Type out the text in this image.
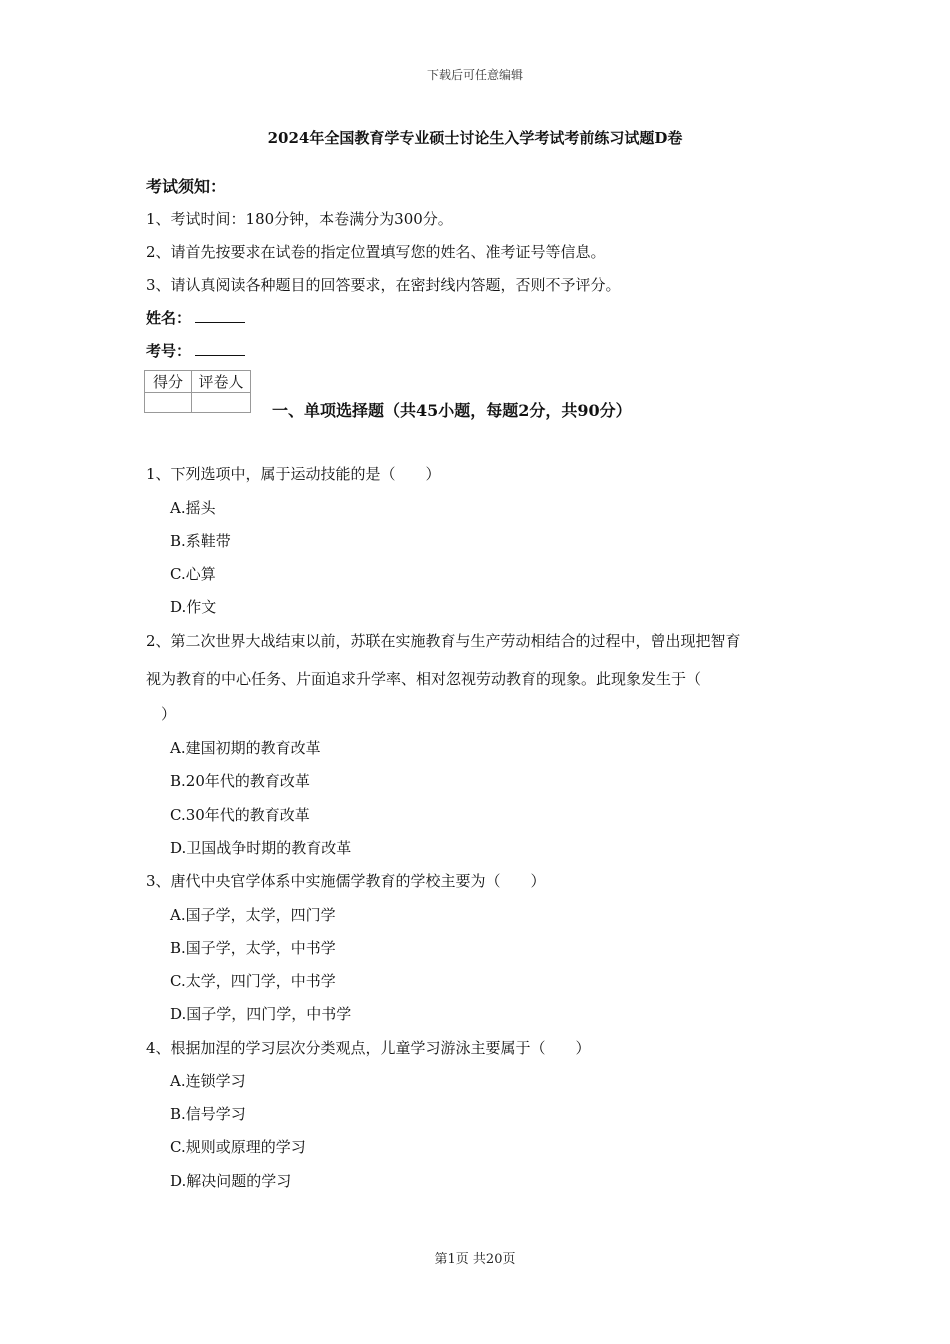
下载后可任意编辑
2024年全国教育学专业硕士讨论生入学考试考前练习试题D卷
考试须知：
1、考试时间：180分钟，本卷满分为300分。
2、请首先按要求在试卷的指定位置填写您的姓名、准考证号等信息。
3、请认真阅读各种题目的回答要求，在密封线内答题，否则不予评分。
姓名：
考号：
得分	评卷人

一、单项选择题（共45小题，每题2分，共90分）
1、下列选项中，属于运动技能的是（　　）
A.摇头
B.系鞋带
C.心算
D.作文
2、第二次世界大战结束以前，苏联在实施教育与生产劳动相结合的过程中，曾出现把智育
视为教育的中心任务、片面追求升学率、相对忽视劳动教育的现象。此现象发生于（
　）
A.建国初期的教育改革
B.20年代的教育改革
C.30年代的教育改革
D.卫国战争时期的教育改革
3、唐代中央官学体系中实施儒学教育的学校主要为（　　）
A.国子学，太学，四门学
B.国子学，太学，中书学
C.太学，四门学，中书学
D.国子学，四门学，中书学
4、根据加涅的学习层次分类观点，儿童学习游泳主要属于（　　）
A.连锁学习
B.信号学习
C.规则或原理的学习
D.解决问题的学习
第1页 共20页
